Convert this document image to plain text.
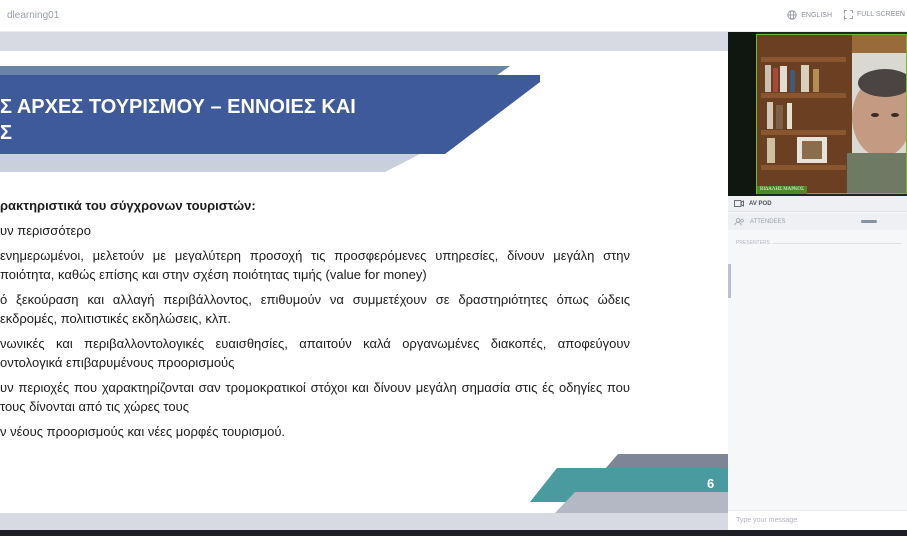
dlearning01	ENGLISH	FULL SCREEN
Σ ΑΡΧΕΣ ΤΟΥΡΙΣΜΟΥ – ΕΝΝΟΙΕΣ ΚΑΙ
Σ
ρακτηριστικά του σύγχρονων τουριστών:

υν περισσότερο

ενημερωμένοι, μελετούν με μεγαλύτερη προσοχή τις προσφερόμενες υπηρεσίες, δίνουν μεγάλη στην ποιότητα, καθώς επίσης και στην σχέση ποιότητας τιμής (value for money)

ό ξεκούραση και αλλαγή περιβάλλοντος, επιθυμούν να συμμετέχουν σε δραστηριότητες όπως ώδεις εκδρομές, πολιτιστικές εκδηλώσεις, κλπ.

νωνικές και περιβαλλοντολογικές ευαισθησίες, απαιτούν καλά οργανωμένες διακοπές, αποφεύγουν οντολογικά επιβαρυμένους προορισμούς

υν περιοχές που χαρακτηρίζονται σαν τρομοκρατικοί στόχοι και δίνουν μεγάλη σημασία στις ές οδηγίες που τους δίνονται από τις χώρες τους

ν νέους προορισμούς και νέες μορφές τουρισμού.

6
ΒΙΔΑΛΗΣ ΜΑΡΚΟΣ
AV POD
ATTENDEES
PRESENTERS
Type your message
